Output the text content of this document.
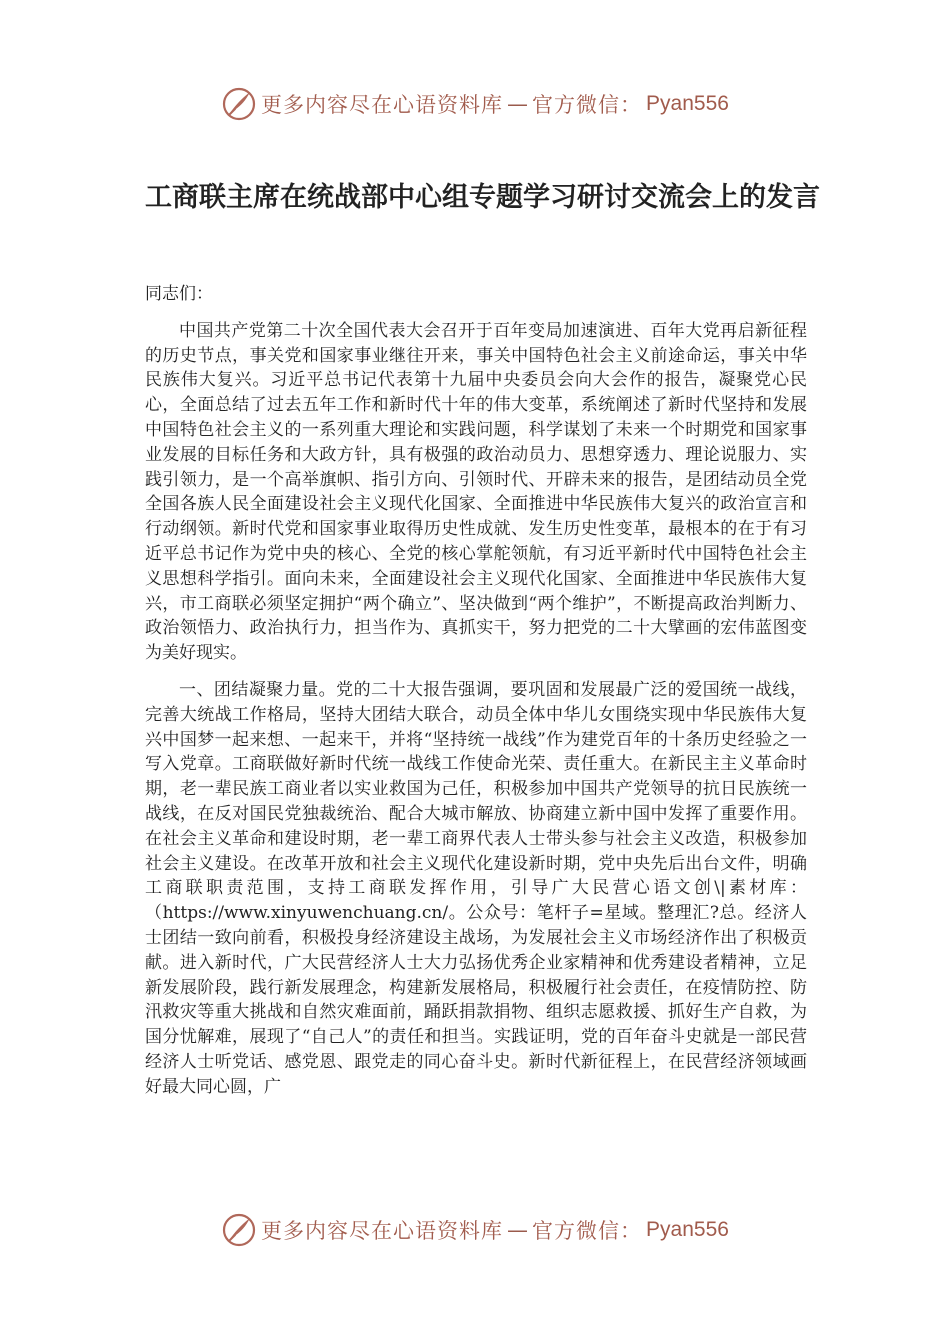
更多内容尽在心语资料库 — 官方微信： Pyan556
工商联主席在统战部中心组专题学习研讨交流会上的发言

同志们：

中国共产党第二十次全国代表大会召开于百年变局加速演进、百年大党再启新征程的历史节点，事关党和国家事业继往开来，事关中国特色社会主义前途命运，事关中华民族伟大复兴。习近平总书记代表第十九届中央委员会向大会作的报告，凝聚党心民心，全面总结了过去五年工作和新时代十年的伟大变革，系统阐述了新时代坚持和发展中国特色社会主义的一系列重大理论和实践问题，科学谋划了未来一个时期党和国家事业发展的目标任务和大政方针，具有极强的政治动员力、思想穿透力、理论说服力、实践引领力，是一个高举旗帜、指引方向、引领时代、开辟未来的报告，是团结动员全党全国各族人民全面建设社会主义现代化国家、全面推进中华民族伟大复兴的政治宣言和行动纲领。新时代党和国家事业取得历史性成就、发生历史性变革，最根本的在于有习近平总书记作为党中央的核心、全党的核心掌舵领航，有习近平新时代中国特色社会主义思想科学指引。面向未来，全面建设社会主义现代化国家、全面推进中华民族伟大复兴，市工商联必须坚定拥护“两个确立”、坚决做到“两个维护”，不断提高政治判断力、政治领悟力、政治执行力，担当作为、真抓实干，努力把党的二十大擘画的宏伟蓝图变为美好现实。

一、团结凝聚力量。党的二十大报告强调，要巩固和发展最广泛的爱国统一战线，完善大统战工作格局，坚持大团结大联合，动员全体中华儿女围绕实现中华民族伟大复兴中国梦一起来想、一起来干，并将“坚持统一战线”作为建党百年的十条历史经验之一写入党章。工商联做好新时代统一战线工作使命光荣、责任重大。在新民主主义革命时期，老一辈民族工商业者以实业救国为己任，积极参加中国共产党领导的抗日民族统一战线，在反对国民党独裁统治、配合大城市解放、协商建立新中国中发挥了重要作用。在社会主义革命和建设时期，老一辈工商界代表人士带头参与社会主义改造，积极参加社会主义建设。在改革开放和社会主义现代化建设新时期，党中央先后出台文件，明确工商联职责范围，支持工商联发挥作用，引导广大民营心语文创\|素材库：（https://www.xinyuwenchuang.cn/。公众号：笔杆子=星域。整理汇?总。经济人士团结一致向前看，积极投身经济建设主战场，为发展社会主义市场经济作出了积极贡献。进入新时代，广大民营经济人士大力弘扬优秀企业家精神和优秀建设者精神，立足新发展阶段，践行新发展理念，构建新发展格局，积极履行社会责任，在疫情防控、防汛救灾等重大挑战和自然灾难面前，踊跃捐款捐物、组织志愿救援、抓好生产自救，为国分忧解难，展现了“自己人”的责任和担当。实践证明，党的百年奋斗史就是一部民营经济人士听党话、感党恩、跟党走的同心奋斗史。新时代新征程上，在民营经济领域画好最大同心圆，广

更多内容尽在心语资料库 — 官方微信： Pyan556
